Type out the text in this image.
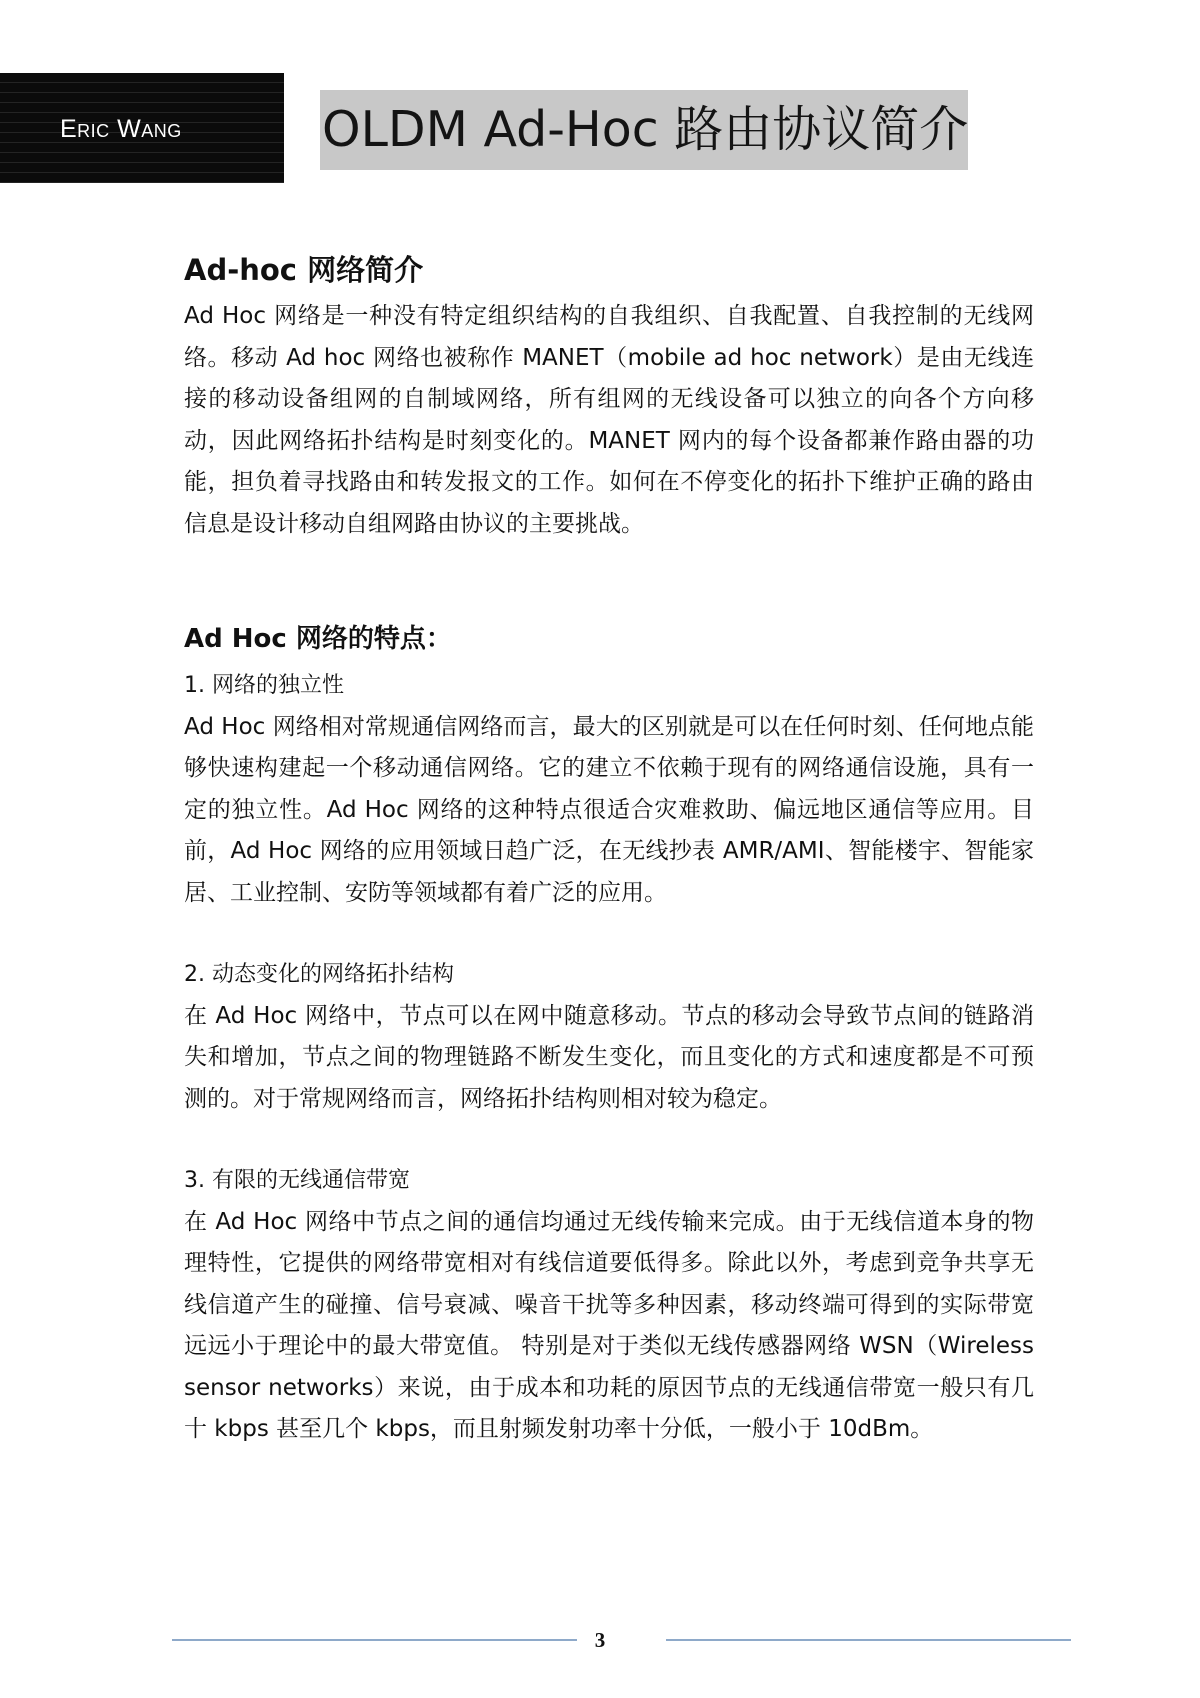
Eric Wang	OLDM Ad-Hoc 路由协议简介
Ad-hoc 网络简介

Ad Hoc 网络是一种没有特定组织结构的自我组织、自我配置、自我控制的无线网络。移动 Ad hoc 网络也被称作 MANET（mobile ad hoc network）是由无线连接的移动设备组网的自制域网络，所有组网的无线设备可以独立的向各个方向移动，因此网络拓扑结构是时刻变化的。MANET 网内的每个设备都兼作路由器的功能，担负着寻找路由和转发报文的工作。如何在不停变化的拓扑下维护正确的路由信息是设计移动自组网路由协议的主要挑战。

Ad Hoc 网络的特点：

1. 网络的独立性

Ad Hoc 网络相对常规通信网络而言，最大的区别就是可以在任何时刻、任何地点能够快速构建起一个移动通信网络。它的建立不依赖于现有的网络通信设施，具有一定的独立性。Ad Hoc 网络的这种特点很适合灾难救助、偏远地区通信等应用。目前，Ad Hoc 网络的应用领域日趋广泛，在无线抄表 AMR/AMI、智能楼宇、智能家居、工业控制、安防等领域都有着广泛的应用。

2. 动态变化的网络拓扑结构

在 Ad Hoc 网络中，节点可以在网中随意移动。节点的移动会导致节点间的链路消失和增加，节点之间的物理链路不断发生变化，而且变化的方式和速度都是不可预测的。对于常规网络而言，网络拓扑结构则相对较为稳定。

3. 有限的无线通信带宽

在 Ad Hoc 网络中节点之间的通信均通过无线传输来完成。由于无线信道本身的物理特性，它提供的网络带宽相对有线信道要低得多。除此以外，考虑到竞争共享无线信道产生的碰撞、信号衰减、噪音干扰等多种因素，移动终端可得到的实际带宽远远小于理论中的最大带宽值。 特别是对于类似无线传感器网络 WSN（Wireless sensor networks）来说，由于成本和功耗的原因节点的无线通信带宽一般只有几十 kbps 甚至几个 kbps，而且射频发射功率十分低，一般小于 10dBm。

3
